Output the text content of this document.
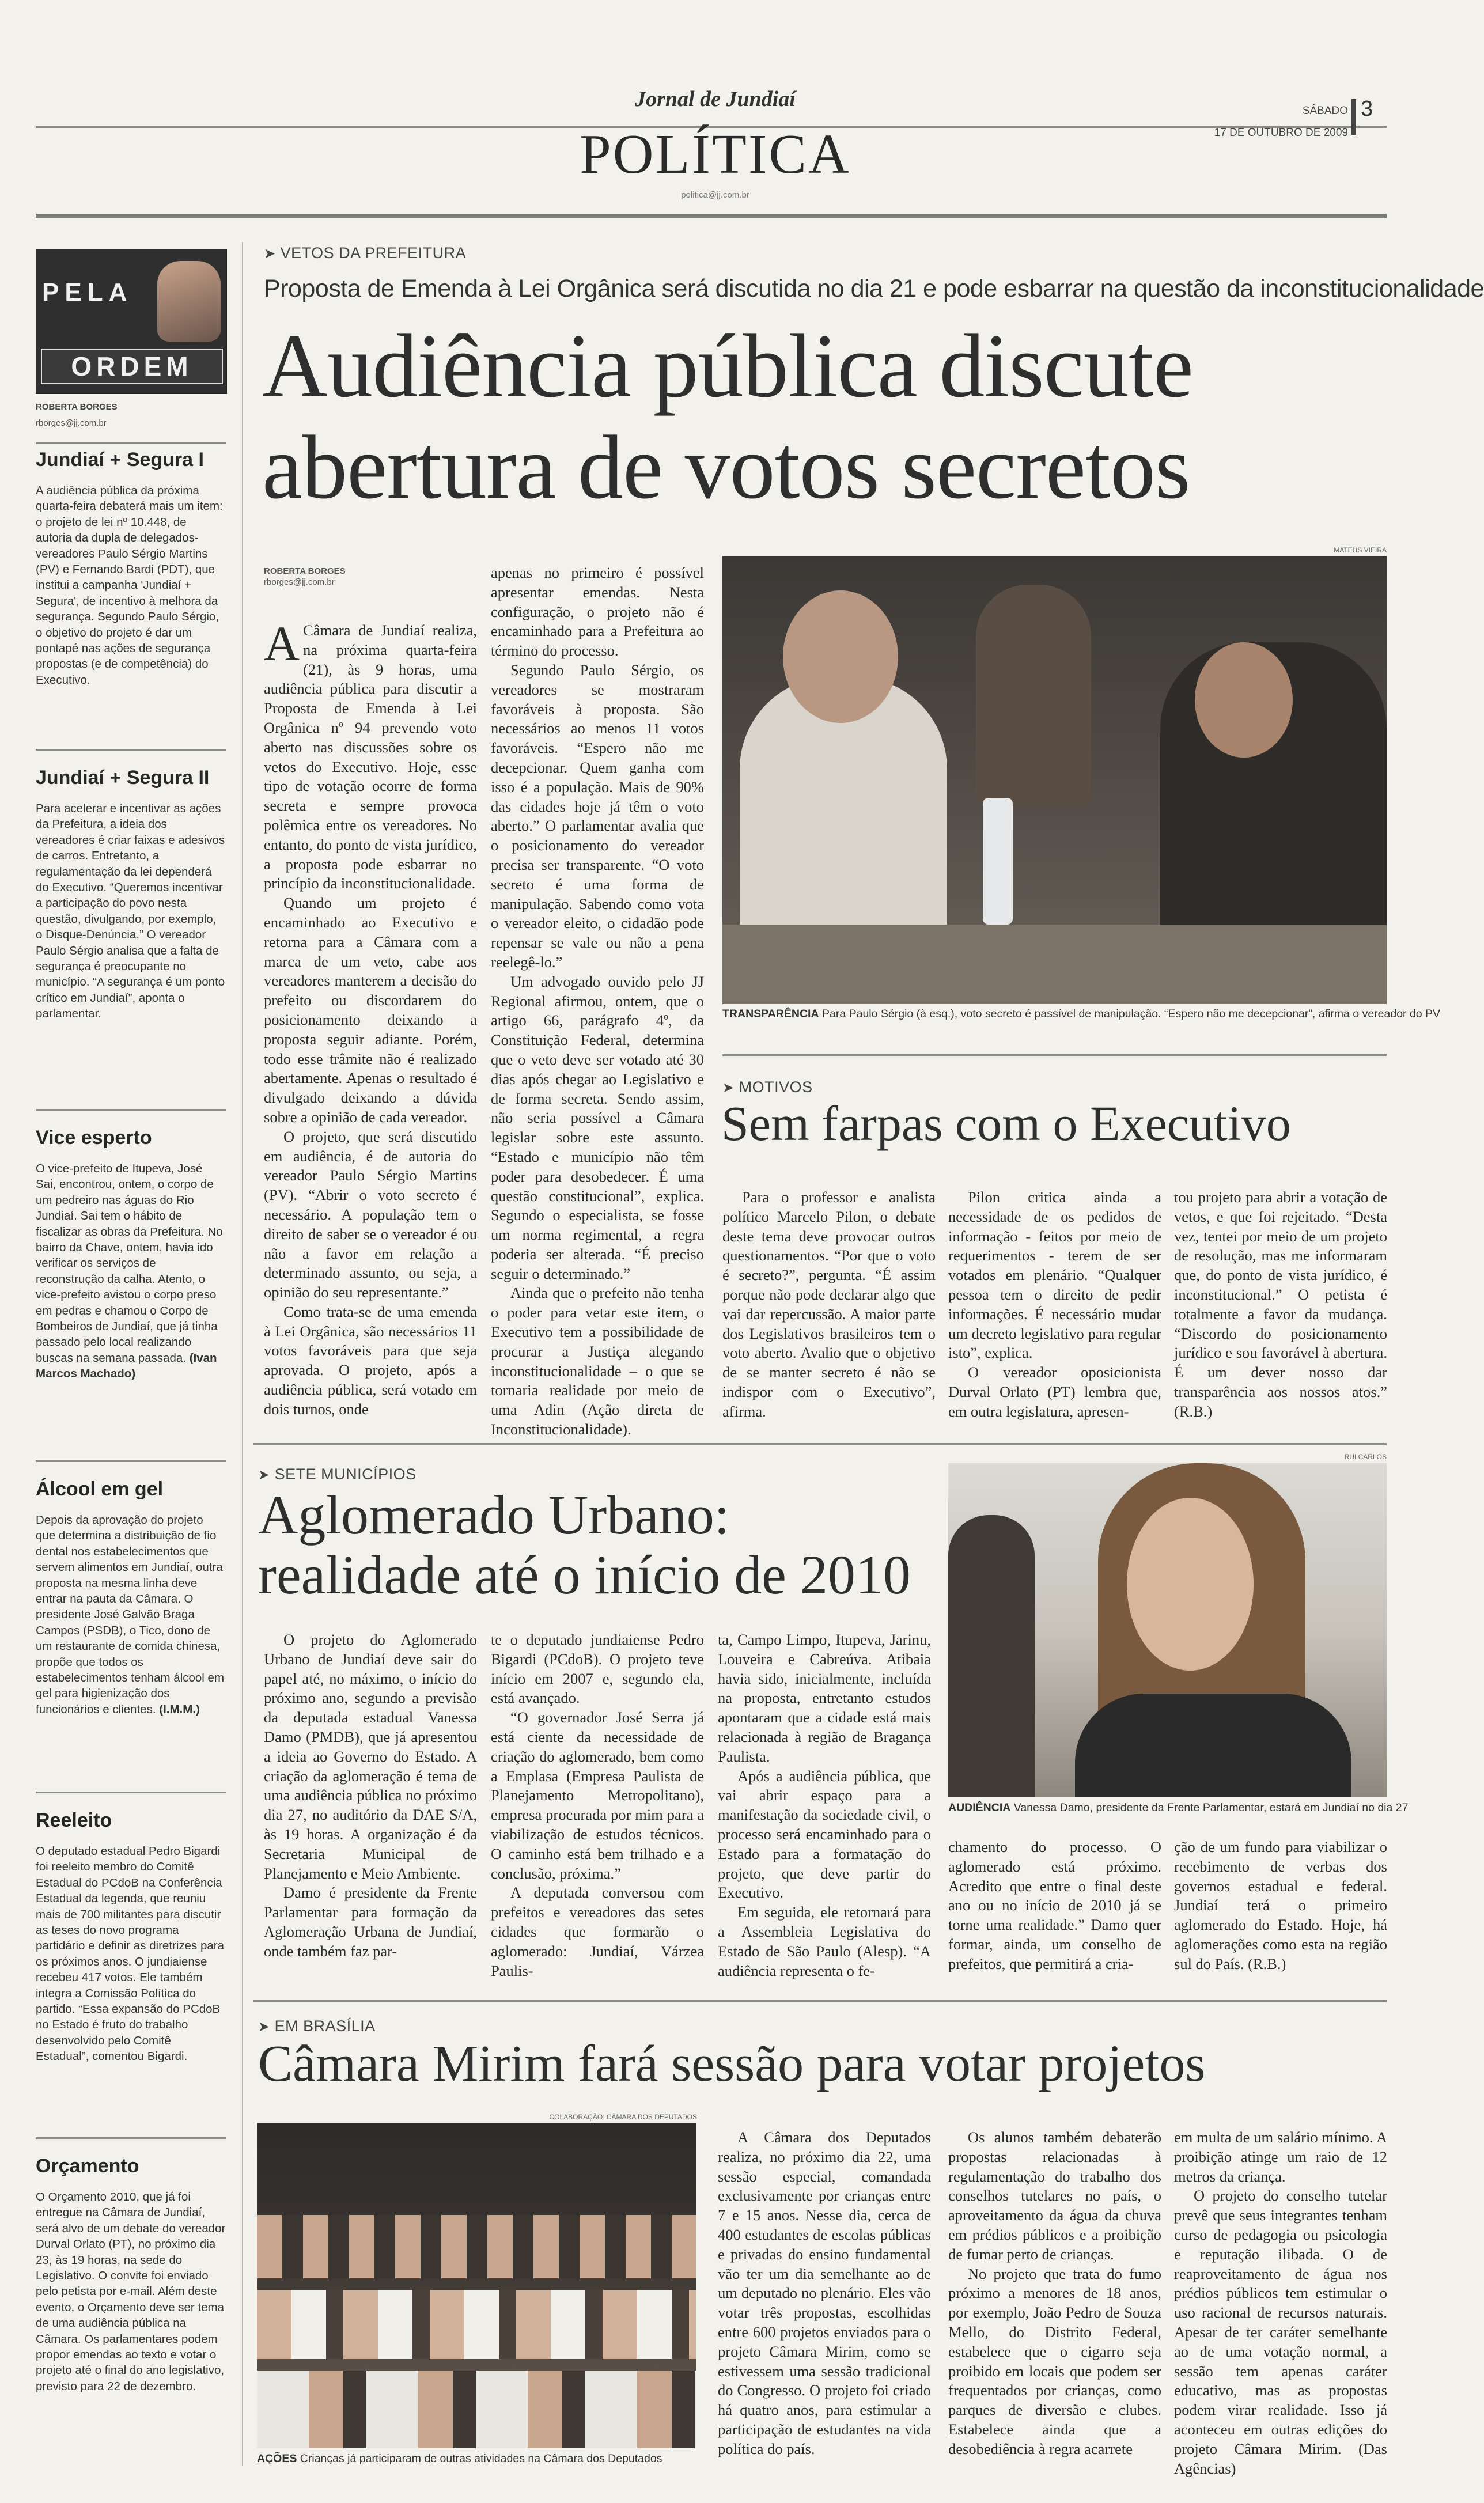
Jornal de Jundiaí
POLÍTICA
politica@jj.com.br
SÁBADO 3
17 DE OUTUBRO DE 2009
PELA
ORDEM
ROBERTA BORGES
rborges@jj.com.br
Jundiaí + Segura I

A audiência pública da próxima quarta-feira debaterá mais um item: o projeto de lei nº 10.448, de autoria da dupla de delegados-vereadores Paulo Sérgio Martins (PV) e Fernando Bardi (PDT), que institui a campanha 'Jundiaí + Segura', de incentivo à melhora da segurança. Segundo Paulo Sérgio, o objetivo do projeto é dar um pontapé nas ações de segurança propostas (e de competência) do Executivo.

Jundiaí + Segura II

Para acelerar e incentivar as ações da Prefeitura, a ideia dos vereadores é criar faixas e adesivos de carros. Entretanto, a regulamentação da lei dependerá do Executivo. “Queremos incentivar a participação do povo nesta questão, divulgando, por exemplo, o Disque-Denúncia.” O vereador Paulo Sérgio analisa que a falta de segurança é preocupante no município. “A segurança é um ponto crítico em Jundiaí”, aponta o parlamentar.

Vice esperto

O vice-prefeito de Itupeva, José Sai, encontrou, ontem, o corpo de um pedreiro nas águas do Rio Jundiaí. Sai tem o hábito de fiscalizar as obras da Prefeitura. No bairro da Chave, ontem, havia ido verificar os serviços de reconstrução da calha. Atento, o vice-prefeito avistou o corpo preso em pedras e chamou o Corpo de Bombeiros de Jundiaí, que já tinha passado pelo local realizando buscas na semana passada. (Ivan Marcos Machado)

Álcool em gel

Depois da aprovação do projeto que determina a distribuição de fio dental nos estabelecimentos que servem alimentos em Jundiaí, outra proposta na mesma linha deve entrar na pauta da Câmara. O presidente José Galvão Braga Campos (PSDB), o Tico, dono de um restaurante de comida chinesa, propõe que todos os estabelecimentos tenham álcool em gel para higienização dos funcionários e clientes. (I.M.M.)

Reeleito

O deputado estadual Pedro Bigardi foi reeleito membro do Comitê Estadual do PCdoB na Conferência Estadual da legenda, que reuniu mais de 700 militantes para discutir as teses do novo programa partidário e definir as diretrizes para os próximos anos. O jundiaiense recebeu 417 votos. Ele também integra a Comissão Política do partido. “Essa expansão do PCdoB no Estado é fruto do trabalho desenvolvido pelo Comitê Estadual”, comentou Bigardi.

Orçamento

O Orçamento 2010, que já foi entregue na Câmara de Jundiaí, será alvo de um debate do vereador Durval Orlato (PT), no próximo dia 23, às 19 horas, na sede do Legislativo. O convite foi enviado pelo petista por e-mail. Além deste evento, o Orçamento deve ser tema de uma audiência pública na Câmara. Os parlamentares podem propor emendas ao texto e votar o projeto até o final do ano legislativo, previsto para 22 de dezembro.

➤ VETOS DA PREFEITURA
Proposta de Emenda à Lei Orgânica será discutida no dia 21 e pode esbarrar na questão da inconstitucionalidade
Audiência pública discute
abertura de votos secretos
ROBERTA BORGES
rborges@jj.com.br
A Câmara de Jundiaí realiza, na próxima quarta-feira (21), às 9 horas, uma audiência pública para discutir a Proposta de Emenda à Lei Orgânica nº 94 prevendo voto aberto nas discussões sobre os vetos do Executivo. Hoje, esse tipo de votação ocorre de forma secreta e sempre provoca polêmica entre os vereadores. No entanto, do ponto de vista jurídico, a proposta pode esbarrar no princípio da inconstitucionalidade.

Quando um projeto é encaminhado ao Executivo e retorna para a Câmara com a marca de um veto, cabe aos vereadores manterem a decisão do prefeito ou discordarem do posicionamento deixando a proposta seguir adiante. Porém, todo esse trâmite não é realizado abertamente. Apenas o resultado é divulgado deixando a dúvida sobre a opinião de cada vereador.

O projeto, que será discutido em audiência, é de autoria do vereador Paulo Sérgio Martins (PV). “Abrir o voto secreto é necessário. A população tem o direito de saber se o vereador é ou não a favor em relação a determinado assunto, ou seja, a opinião do seu representante.”

Como trata-se de uma emenda à Lei Orgânica, são necessários 11 votos favoráveis para que seja aprovada. O projeto, após a audiência pública, será votado em dois turnos, onde

apenas no primeiro é possível apresentar emendas. Nesta configuração, o projeto não é encaminhado para a Prefeitura ao término do processo.

Segundo Paulo Sérgio, os vereadores se mostraram favoráveis à proposta. São necessários ao menos 11 votos favoráveis. “Espero não me decepcionar. Quem ganha com isso é a população. Mais de 90% das cidades hoje já têm o voto aberto.” O parlamentar avalia que o posicionamento do vereador precisa ser transparente. “O voto secreto é uma forma de manipulação. Sabendo como vota o vereador eleito, o cidadão pode repensar se vale ou não a pena reelegê-lo.”

Um advogado ouvido pelo JJ Regional afirmou, ontem, que o artigo 66, parágrafo 4º, da Constituição Federal, determina que o veto deve ser votado até 30 dias após chegar ao Legislativo e de forma secreta. Sendo assim, não seria possível a Câmara legislar sobre este assunto. “Estado e município não têm poder para desobedecer. É uma questão constitucional”, explica. Segundo o especialista, se fosse um norma regimental, a regra poderia ser alterada. “É preciso seguir o determinado.”

Ainda que o prefeito não tenha o poder para vetar este item, o Executivo tem a possibilidade de procurar a Justiça alegando inconstitucionalidade – o que se tornaria realidade por meio de uma Adin (Ação direta de Inconstitucionalidade).

MATEUS VIEIRA
TRANSPARÊNCIA Para Paulo Sérgio (à esq.), voto secreto é passível de manipulação. “Espero não me decepcionar”, afirma o vereador do PV
➤ MOTIVOS
Sem farpas com o Executivo

Para o professor e analista político Marcelo Pilon, o debate deste tema deve provocar outros questionamentos. “Por que o voto é secreto?”, pergunta. “É assim porque não pode declarar algo que vai dar repercussão. A maior parte dos Legislativos brasileiros tem o voto aberto. Avalio que o objetivo de se manter secreto é não se indispor com o Executivo”, afirma.

Pilon critica ainda a necessidade de os pedidos de informação - feitos por meio de requerimentos - terem de ser votados em plenário. “Qualquer pessoa tem o direito de pedir informações. É necessário mudar um decreto legislativo para regular isto”, explica.

O vereador oposicionista Durval Orlato (PT) lembra que, em outra legislatura, apresen-

tou projeto para abrir a votação de vetos, e que foi rejeitado. “Desta vez, tentei por meio de um projeto de resolução, mas me informaram que, do ponto de vista jurídico, é inconstitucional.” O petista é totalmente a favor da mudança. “Discordo do posicionamento jurídico e sou favorável à abertura. É um dever nosso dar transparência aos nossos atos.” (R.B.)

➤ SETE MUNICÍPIOS
Aglomerado Urbano:
realidade até o início de 2010

O projeto do Aglomerado Urbano de Jundiaí deve sair do papel até, no máximo, o início do próximo ano, segundo a previsão da deputada estadual Vanessa Damo (PMDB), que já apresentou a ideia ao Governo do Estado. A criação da aglomeração é tema de uma audiência pública no próximo dia 27, no auditório da DAE S/A, às 19 horas. A organização é da Secretaria Municipal de Planejamento e Meio Ambiente.

Damo é presidente da Frente Parlamentar para formação da Aglomeração Urbana de Jundiaí, onde também faz par-

te o deputado jundiaiense Pedro Bigardi (PCdoB). O projeto teve início em 2007 e, segundo ela, está avançado.

“O governador José Serra já está ciente da necessidade de criação do aglomerado, bem como a Emplasa (Empresa Paulista de Planejamento Metropolitano), empresa procurada por mim para a viabilização de estudos técnicos. O caminho está bem trilhado e a conclusão, próxima.”

A deputada conversou com prefeitos e vereadores das setes cidades que formarão o aglomerado: Jundiaí, Várzea Paulis-

ta, Campo Limpo, Itupeva, Jarinu, Louveira e Cabreúva. Atibaia havia sido, inicialmente, incluída na proposta, entretanto estudos apontaram que a cidade está mais relacionada à região de Bragança Paulista.

Após a audiência pública, que vai abrir espaço para a manifestação da sociedade civil, o processo será encaminhado para o Estado para a formatação do projeto, que deve partir do Executivo.

Em seguida, ele retornará para a Assembleia Legislativa do Estado de São Paulo (Alesp). “A audiência representa o fe-

RUI CARLOS
AUDIÊNCIA Vanessa Damo, presidente da Frente Parlamentar, estará em Jundiaí no dia 27

chamento do processo. O aglomerado está próximo. Acredito que entre o final deste ano ou no início de 2010 já se torne uma realidade.” Damo quer formar, ainda, um conselho de prefeitos, que permitirá a cria-

ção de um fundo para viabilizar o recebimento de verbas dos governos estadual e federal. Jundiaí terá o primeiro aglomerado do Estado. Hoje, há aglomerações como esta na região sul do País. (R.B.)

➤ EM BRASÍLIA
Câmara Mirim fará sessão para votar projetos
COLABORAÇÃO: CÂMARA DOS DEPUTADOS
AÇÕES Crianças já participaram de outras atividades na Câmara dos Deputados

A Câmara dos Deputados realiza, no próximo dia 22, uma sessão especial, comandada exclusivamente por crianças entre 7 e 15 anos. Nesse dia, cerca de 400 estudantes de escolas públicas e privadas do ensino fundamental vão ter um dia semelhante ao de um deputado no plenário. Eles vão votar três propostas, escolhidas entre 600 projetos enviados para o projeto Câmara Mirim, como se estivessem uma sessão tradicional do Congresso. O projeto foi criado há quatro anos, para estimular a participação de estudantes na vida política do país.

Os alunos também debaterão propostas relacionadas à regulamentação do trabalho dos conselhos tutelares no país, o aproveitamento da água da chuva em prédios públicos e a proibição de fumar perto de crianças.

No projeto que trata do fumo próximo a menores de 18 anos, por exemplo, João Pedro de Souza Mello, do Distrito Federal, estabelece que o cigarro seja proibido em locais que podem ser frequentados por crianças, como parques de diversão e clubes. Estabelece ainda que a desobediência à regra acarrete

em multa de um salário mínimo. A proibição atinge um raio de 12 metros da criança.

O projeto do conselho tutelar prevê que seus integrantes tenham curso de pedagogia ou psicologia e reputação ilibada. O de reaproveitamento de água nos prédios públicos tem estimular o uso racional de recursos naturais. Apesar de ter caráter semelhante ao de uma votação normal, a sessão tem apenas caráter educativo, mas as propostas podem virar realidade. Isso já aconteceu em outras edições do projeto Câmara Mirim. (Das Agências)
